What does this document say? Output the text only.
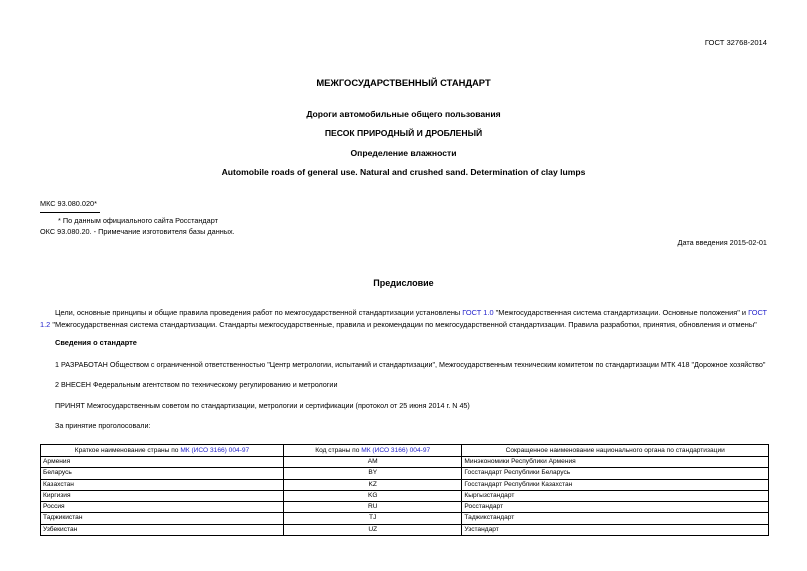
ГОСТ 32768-2014
МЕЖГОСУДАРСТВЕННЫЙ СТАНДАРТ
Дороги автомобильные общего пользования
ПЕСОК ПРИРОДНЫЙ И ДРОБЛЕНЫЙ
Определение влажности
Automobile roads of general use. Natural and crushed sand. Determination of clay lumps
МКС 93.080.020*
* По данным официального сайта Росстандарт
ОКС 93.080.20. - Примечание изготовителя базы данных.
Дата введения 2015-02-01
Предисловие
Цели, основные принципы и общие правила проведения работ по межгосударственной стандартизации установлены ГОСТ 1.0 "Межгосударственная система стандартизации. Основные положения" и ГОСТ 1.2 "Межгосударственная система стандартизации. Стандарты межгосударственные, правила и рекомендации по межгосударственной стандартизации. Правила разработки, принятия, обновления и отмены"
Сведения о стандарте
1 РАЗРАБОТАН Обществом с ограниченной ответственностью "Центр метрологии, испытаний и стандартизации", Межгосударственным техническим комитетом по стандартизации МТК 418 "Дорожное хозяйство"
2 ВНЕСЕН Федеральным агентством по техническому регулированию и метрологии
ПРИНЯТ Межгосударственным советом по стандартизации, метрологии и сертификации (протокол от 25 июня 2014 г. N 45)
За принятие проголосовали:
Краткое наименование страны по МК (ИСО 3166) 004-97	Код страны по МК (ИСО 3166) 004-97	Сокращенное наименование национального органа по стандартизации
Армения	AM	Минэкономики Республики Армения
Беларусь	BY	Госстандарт Республики Беларусь
Казахстан	KZ	Госстандарт Республики Казахстан
Киргизия	KG	Кыргызстандарт
Россия	RU	Росстандарт
Таджикистан	TJ	Таджикстандарт
Узбекистан	UZ	Узстандарт
